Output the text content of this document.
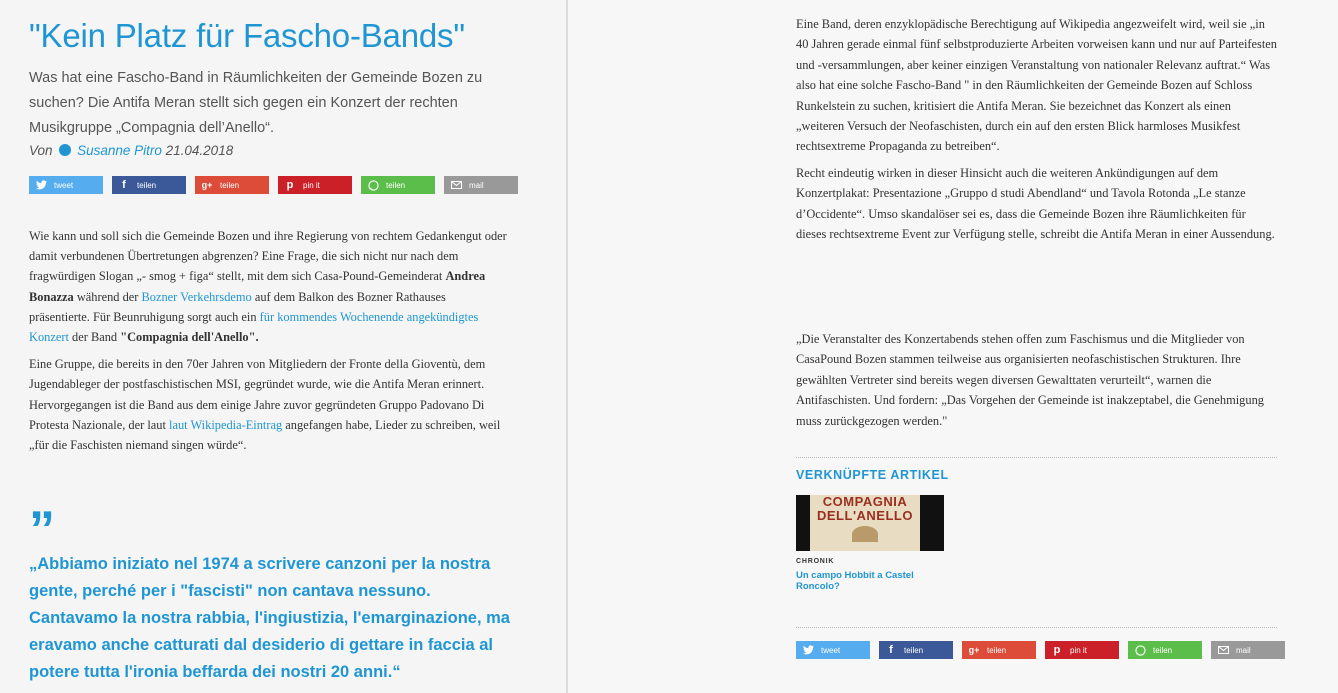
"Kein Platz für Fascho-Bands"

Was hat eine Fascho-Band in Räumlichkeiten der Gemeinde Bozen zu suchen? Die Antifa Meran stellt sich gegen ein Konzert der rechten Musikgruppe „Compagnia dell’Anello“.

Von Susanne Pitro 21.04.2018

tweet	f	teilen	g+ teilen	p	pin it	teilen	mail

Wie kann und soll sich die Gemeinde Bozen und ihre Regierung von rechtem Gedankengut oder damit verbundenen Übertretungen abgrenzen? Eine Frage, die sich nicht nur nach dem fragwürdigen Slogan „- smog + figa“ stellt, mit dem sich Casa-Pound-Gemeinderat Andrea Bonazza während der Bozner Verkehrsdemo auf dem Balkon des Bozner Rathauses präsentierte. Für Beunruhigung sorgt auch ein für kommendes Wochenende angekündigtes Konzert der Band "Compagnia dell'Anello".

Eine Gruppe, die bereits in den 70er Jahren von Mitgliedern der Fronte della Gioventù, dem Jugendableger der postfaschistischen MSI, gegründet wurde, wie die Antifa Meran erinnert. Hervorgegangen ist die Band aus dem einige Jahre zuvor gegründeten Gruppo Padovano Di Protesta Nazionale, der laut laut Wikipedia-Eintrag angefangen habe, Lieder zu schreiben, weil „für die Faschisten niemand singen würde“.

”

„Abbiamo iniziato nel 1974 a scrivere canzoni per la nostra gente, perché per i "fascisti" non cantava nessuno. Cantavamo la nostra rabbia, l'ingiustizia, l'emarginazione, ma eravamo anche catturati dal desiderio di gettare in faccia al potere tutta l'ironia beffarda dei nostri 20 anni.“

Eine Band, deren enzyklopädische Berechtigung auf Wikipedia angezweifelt wird, weil sie „in 40 Jahren gerade einmal fünf selbstproduzierte Arbeiten vorweisen kann und nur auf Parteifesten und -versammlungen, aber keiner einzigen Veranstaltung von nationaler Relevanz auftrat.“ Was also hat eine solche Fascho-Band " in den Räumlichkeiten der Gemeinde Bozen auf Schloss Runkelstein zu suchen, kritisiert die Antifa Meran. Sie bezeichnet das Konzert als einen „weiteren Versuch der Neofaschisten, durch ein auf den ersten Blick harmloses Musikfest rechtsextreme Propaganda zu betreiben“.

Recht eindeutig wirken in dieser Hinsicht auch die weiteren Ankündigungen auf dem Konzertplakat: Presentazione „Gruppo d studi Abendland“ und Tavola Rotonda „Le stanze d’Occidente“. Umso skandalöser sei es, dass die Gemeinde Bozen ihre Räumlichkeiten für dieses rechtsextreme Event zur Verfügung stelle, schreibt die Antifa Meran in einer Aussendung.

„Die Veranstalter des Konzertabends stehen offen zum Faschismus und die Mitglieder von CasaPound Bozen stammen teilweise aus organisierten neofaschistischen Strukturen. Ihre gewählten Vertreter sind bereits wegen diversen Gewalttaten verurteilt“, warnen die Antifaschisten. Und fordern: „Das Vorgehen der Gemeinde ist inakzeptabel, die Genehmigung muss zurückgezogen werden."

VERKNÜPFTE ARTIKEL
COMPAGNIA
DELL'ANELLO
CHRONIK
Un campo Hobbit a Castel Roncolo?
tweet	f	teilen	g+ teilen	p	pin it	teilen	mail
